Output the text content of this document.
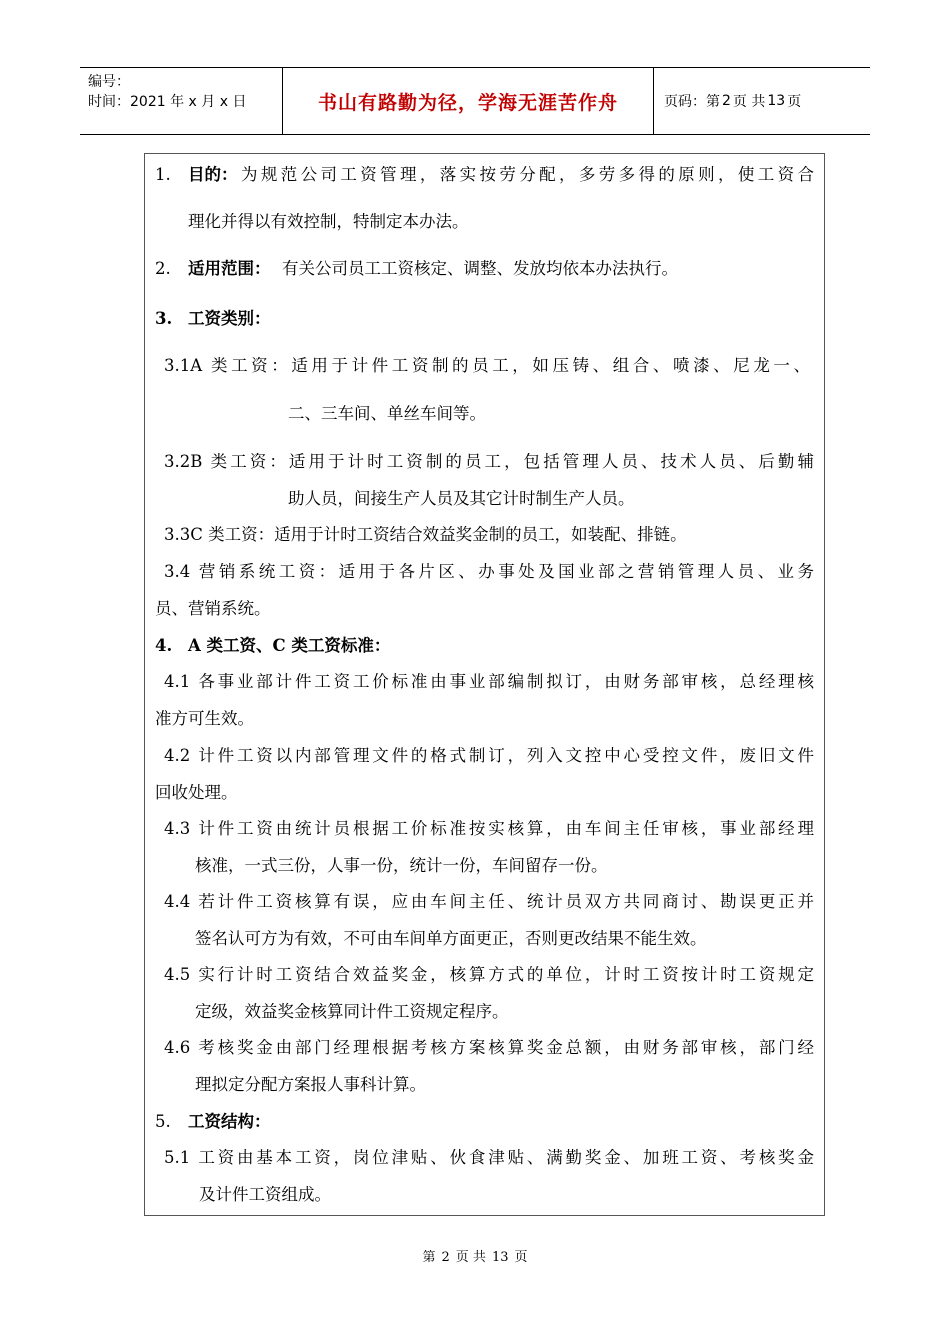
编号：
时间：2021 年 x 月 x 日	书山有路勤为径，学海无涯苦作舟	页码：第 2 页 共 13 页
1. 目的： 为规范公司工资管理，落实按劳分配，多劳多得的原则，使工资合
理化并得以有效控制，特制定本办法。
2. 适用范围： 有关公司员工工资核定、调整、发放均依本办法执行。
3. 工资类别：
3.1A 类工资：适用于计件工资制的员工，如压铸、组合、喷漆、尼龙一、
二、三车间、单丝车间等。
3.2B 类工资：适用于计时工资制的员工，包括管理人员、技术人员、后勤辅
助人员，间接生产人员及其它计时制生产人员。
3.3C 类工资：适用于计时工资结合效益奖金制的员工，如装配、排链。
3.4 营销系统工资：适用于各片区、办事处及国业部之营销管理人员、业务
员、营销系统。
4. A 类工资、C 类工资标准：
4.1 各事业部计件工资工价标准由事业部编制拟订，由财务部审核，总经理核
准方可生效。
4.2 计件工资以内部管理文件的格式制订，列入文控中心受控文件，废旧文件
回收处理。
4.3 计件工资由统计员根据工价标准按实核算，由车间主任审核，事业部经理
核准，一式三份，人事一份，统计一份，车间留存一份。
4.4 若计件工资核算有误，应由车间主任、统计员双方共同商讨、勘误更正并
签名认可方为有效，不可由车间单方面更正，否则更改结果不能生效。
4.5 实行计时工资结合效益奖金，核算方式的单位，计时工资按计时工资规定
定级，效益奖金核算同计件工资规定程序。
4.6 考核奖金由部门经理根据考核方案核算奖金总额，由财务部审核，部门经
理拟定分配方案报人事科计算。
5. 工资结构：
5.1 工资由基本工资，岗位津贴、伙食津贴、满勤奖金、加班工资、考核奖金
及计件工资组成。
第 2 页 共 13 页
